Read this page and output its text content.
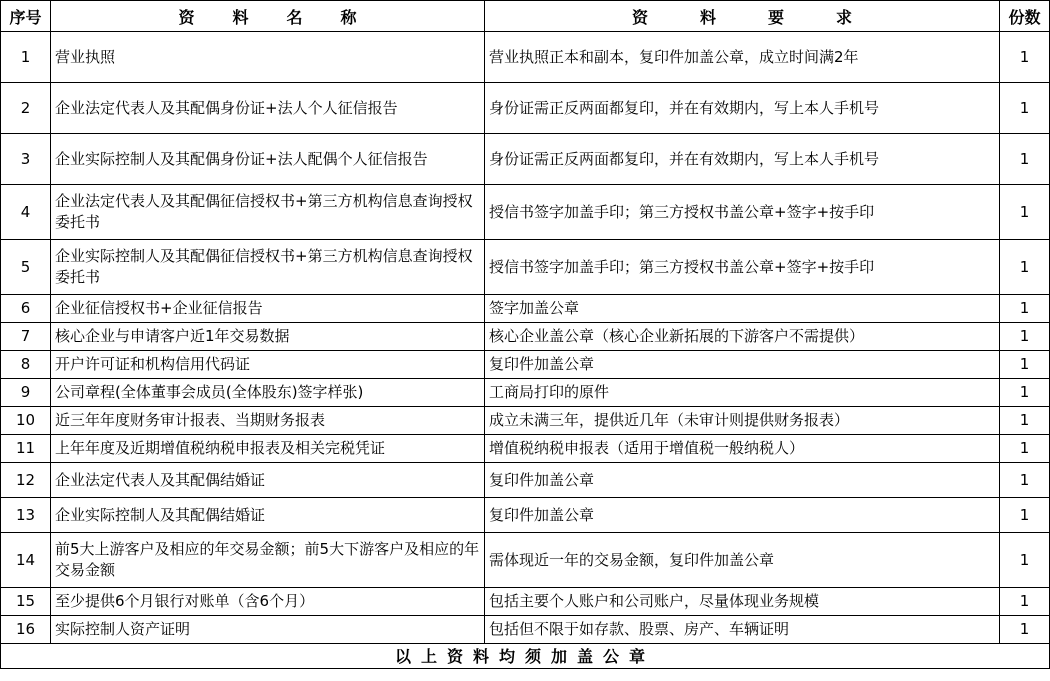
序号	资料名称	资料要求	份数
1	营业执照	营业执照正本和副本，复印件加盖公章，成立时间满2年	1
2	企业法定代表人及其配偶身份证+法人个人征信报告	身份证需正反两面都复印，并在有效期内，写上本人手机号	1
3	企业实际控制人及其配偶身份证+法人配偶个人征信报告	身份证需正反两面都复印，并在有效期内，写上本人手机号	1
4	企业法定代表人及其配偶征信授权书+第三方机构信息查询授权委托书	授信书签字加盖手印；第三方授权书盖公章+签字+按手印	1
5	企业实际控制人及其配偶征信授权书+第三方机构信息查询授权委托书	授信书签字加盖手印；第三方授权书盖公章+签字+按手印	1
6	企业征信授权书+企业征信报告	签字加盖公章	1
7	核心企业与申请客户近1年交易数据	核心企业盖公章（核心企业新拓展的下游客户不需提供）	1
8	开户许可证和机构信用代码证	复印件加盖公章	1
9	公司章程(全体董事会成员(全体股东)签字样张)	工商局打印的原件	1
10	近三年年度财务审计报表、当期财务报表	成立未满三年，提供近几年（未审计则提供财务报表）	1
11	上年年度及近期增值税纳税申报表及相关完税凭证	增值税纳税申报表（适用于增值税一般纳税人）	1
12	企业法定代表人及其配偶结婚证	复印件加盖公章	1
13	企业实际控制人及其配偶结婚证	复印件加盖公章	1
14	前5大上游客户及相应的年交易金额；前5大下游客户及相应的年交易金额	需体现近一年的交易金额，复印件加盖公章	1
15	至少提供6个月银行对账单（含6个月）	包括主要个人账户和公司账户，尽量体现业务规模	1
16	实际控制人资产证明	包括但不限于如存款、股票、房产、车辆证明	1
以上资料均须加盖公章			
